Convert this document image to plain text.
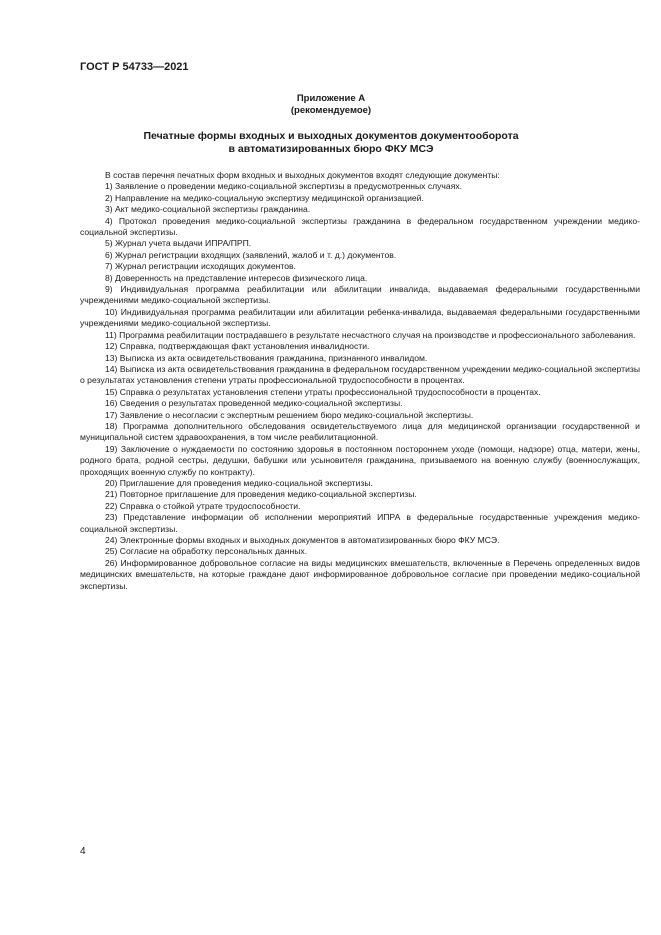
ГОСТ Р 54733—2021
Приложение А
(рекомендуемое)
Печатные формы входных и выходных документов документооборота
в автоматизированных бюро ФКУ МСЭ

В состав перечня печатных форм входных и выходных документов входят следующие документы:

1) Заявление о проведении медико-социальной экспертизы в предусмотренных случаях.

2) Направление на медико-социальную экспертизу медицинской организацией.

3) Акт медико-социальной экспертизы гражданина.

4) Протокол проведения медико-социальной экспертизы гражданина в федеральном государственном учреждении медико-социальной экспертизы.

5) Журнал учета выдачи ИПРА/ПРП.

6) Журнал регистрации входящих (заявлений, жалоб и т. д.) документов.

7) Журнал регистрации исходящих документов.

8) Доверенность на представление интересов физического лица.

9) Индивидуальная программа реабилитации или абилитации инвалида, выдаваемая федеральными государственными учреждениями медико-социальной экспертизы.

10) Индивидуальная программа реабилитации или абилитации ребенка-инвалида, выдаваемая федеральными государственными учреждениями медико-социальной экспертизы.

11) Программа реабилитации пострадавшего в результате несчастного случая на производстве и профессионального заболевания.

12) Справка, подтверждающая факт установления инвалидности.

13) Выписка из акта освидетельствования гражданина, признанного инвалидом.

14) Выписка из акта освидетельствования гражданина в федеральном государственном учреждении медико-социальной экспертизы о результатах установления степени утраты профессиональной трудоспособности в процентах.

15) Справка о результатах установления степени утраты профессиональной трудоспособности в процентах.

16) Сведения о результатах проведенной медико-социальной экспертизы.

17) Заявление о несогласии с экспертным решением бюро медико-социальной экспертизы.

18) Программа дополнительного обследования освидетельствуемого лица для медицинской организации государственной и муниципальной систем здравоохранения, в том числе реабилитационной.

19) Заключение о нуждаемости по состоянию здоровья в постоянном постороннем уходе (помощи, надзоре) отца, матери, жены, родного брата, родной сестры, дедушки, бабушки или усыновителя гражданина, призываемого на военную службу (военнослужащих, проходящих военную службу по контракту).

20) Приглашение для проведения медико-социальной экспертизы.

21) Повторное приглашение для проведения медико-социальной экспертизы.

22) Справка о стойкой утрате трудоспособности.

23) Представление информации об исполнении мероприятий ИПРА в федеральные государственные учреждения медико-социальной экспертизы.

24) Электронные формы входных и выходных документов в автоматизированных бюро ФКУ МСЭ.

25) Согласие на обработку персональных данных.

26) Информированное добровольное согласие на виды медицинских вмешательств, включенные в Перечень определенных видов медицинских вмешательств, на которые граждане дают информированное добровольное согласие при проведении медико-социальной экспертизы.

4
